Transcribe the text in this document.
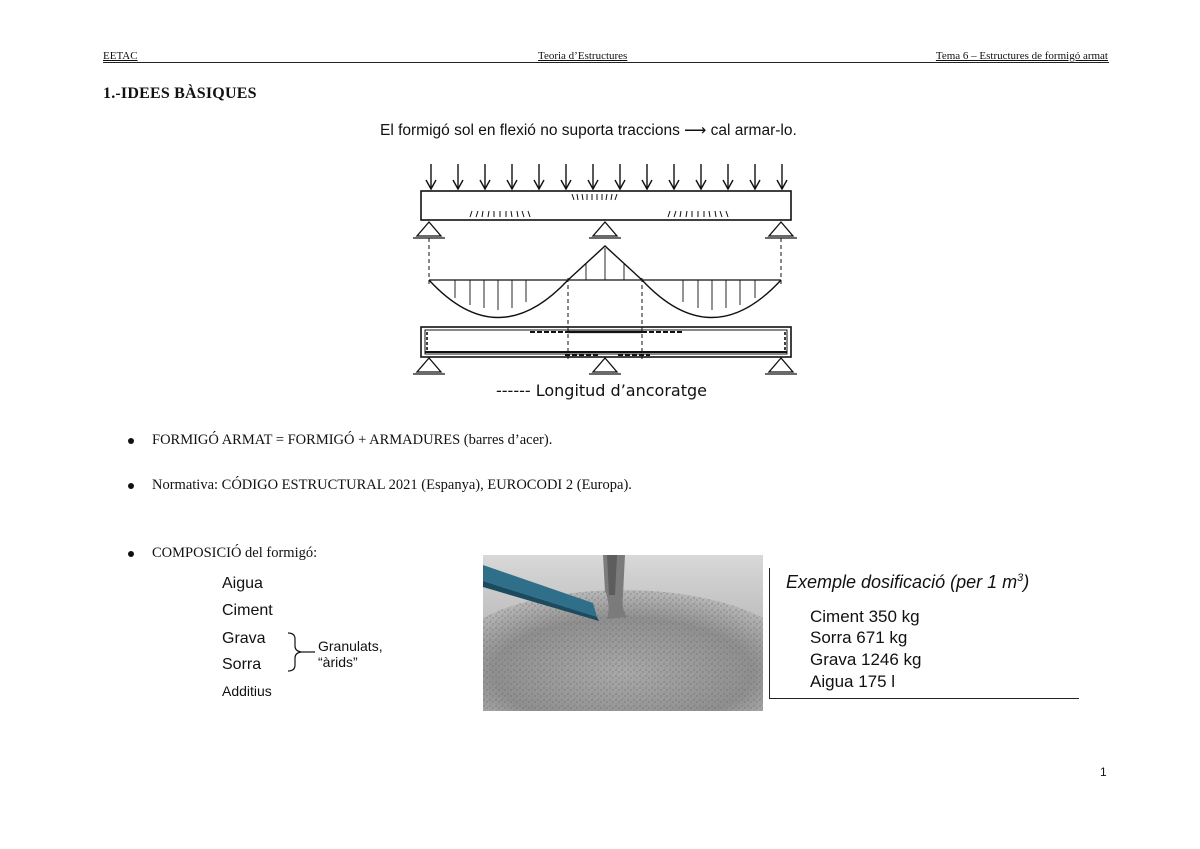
EETAC	Teoria d’Estructures	Tema 6 – Estructures de formigó armat
1.-IDEES BÀSIQUES
El formigó sol en flexió no suporta traccions ⟶ cal armar-lo.
------ Longitud d’ancoratge
FORMIGÓ ARMAT = FORMIGÓ + ARMADURES (barres d’acer).
Normativa: CÓDIGO ESTRUCTURAL 2021 (Espanya), EUROCODI 2 (Europa).
COMPOSICIÓ del formigó:
Aigua
Ciment
Grava
Sorra
Additius
Granulats,
“àrids”
Exemple dosificació (per 1 $m^3$)
Ciment 350 kg
Sorra 671 kg
Grava 1246 kg
Aigua 175 l
1
